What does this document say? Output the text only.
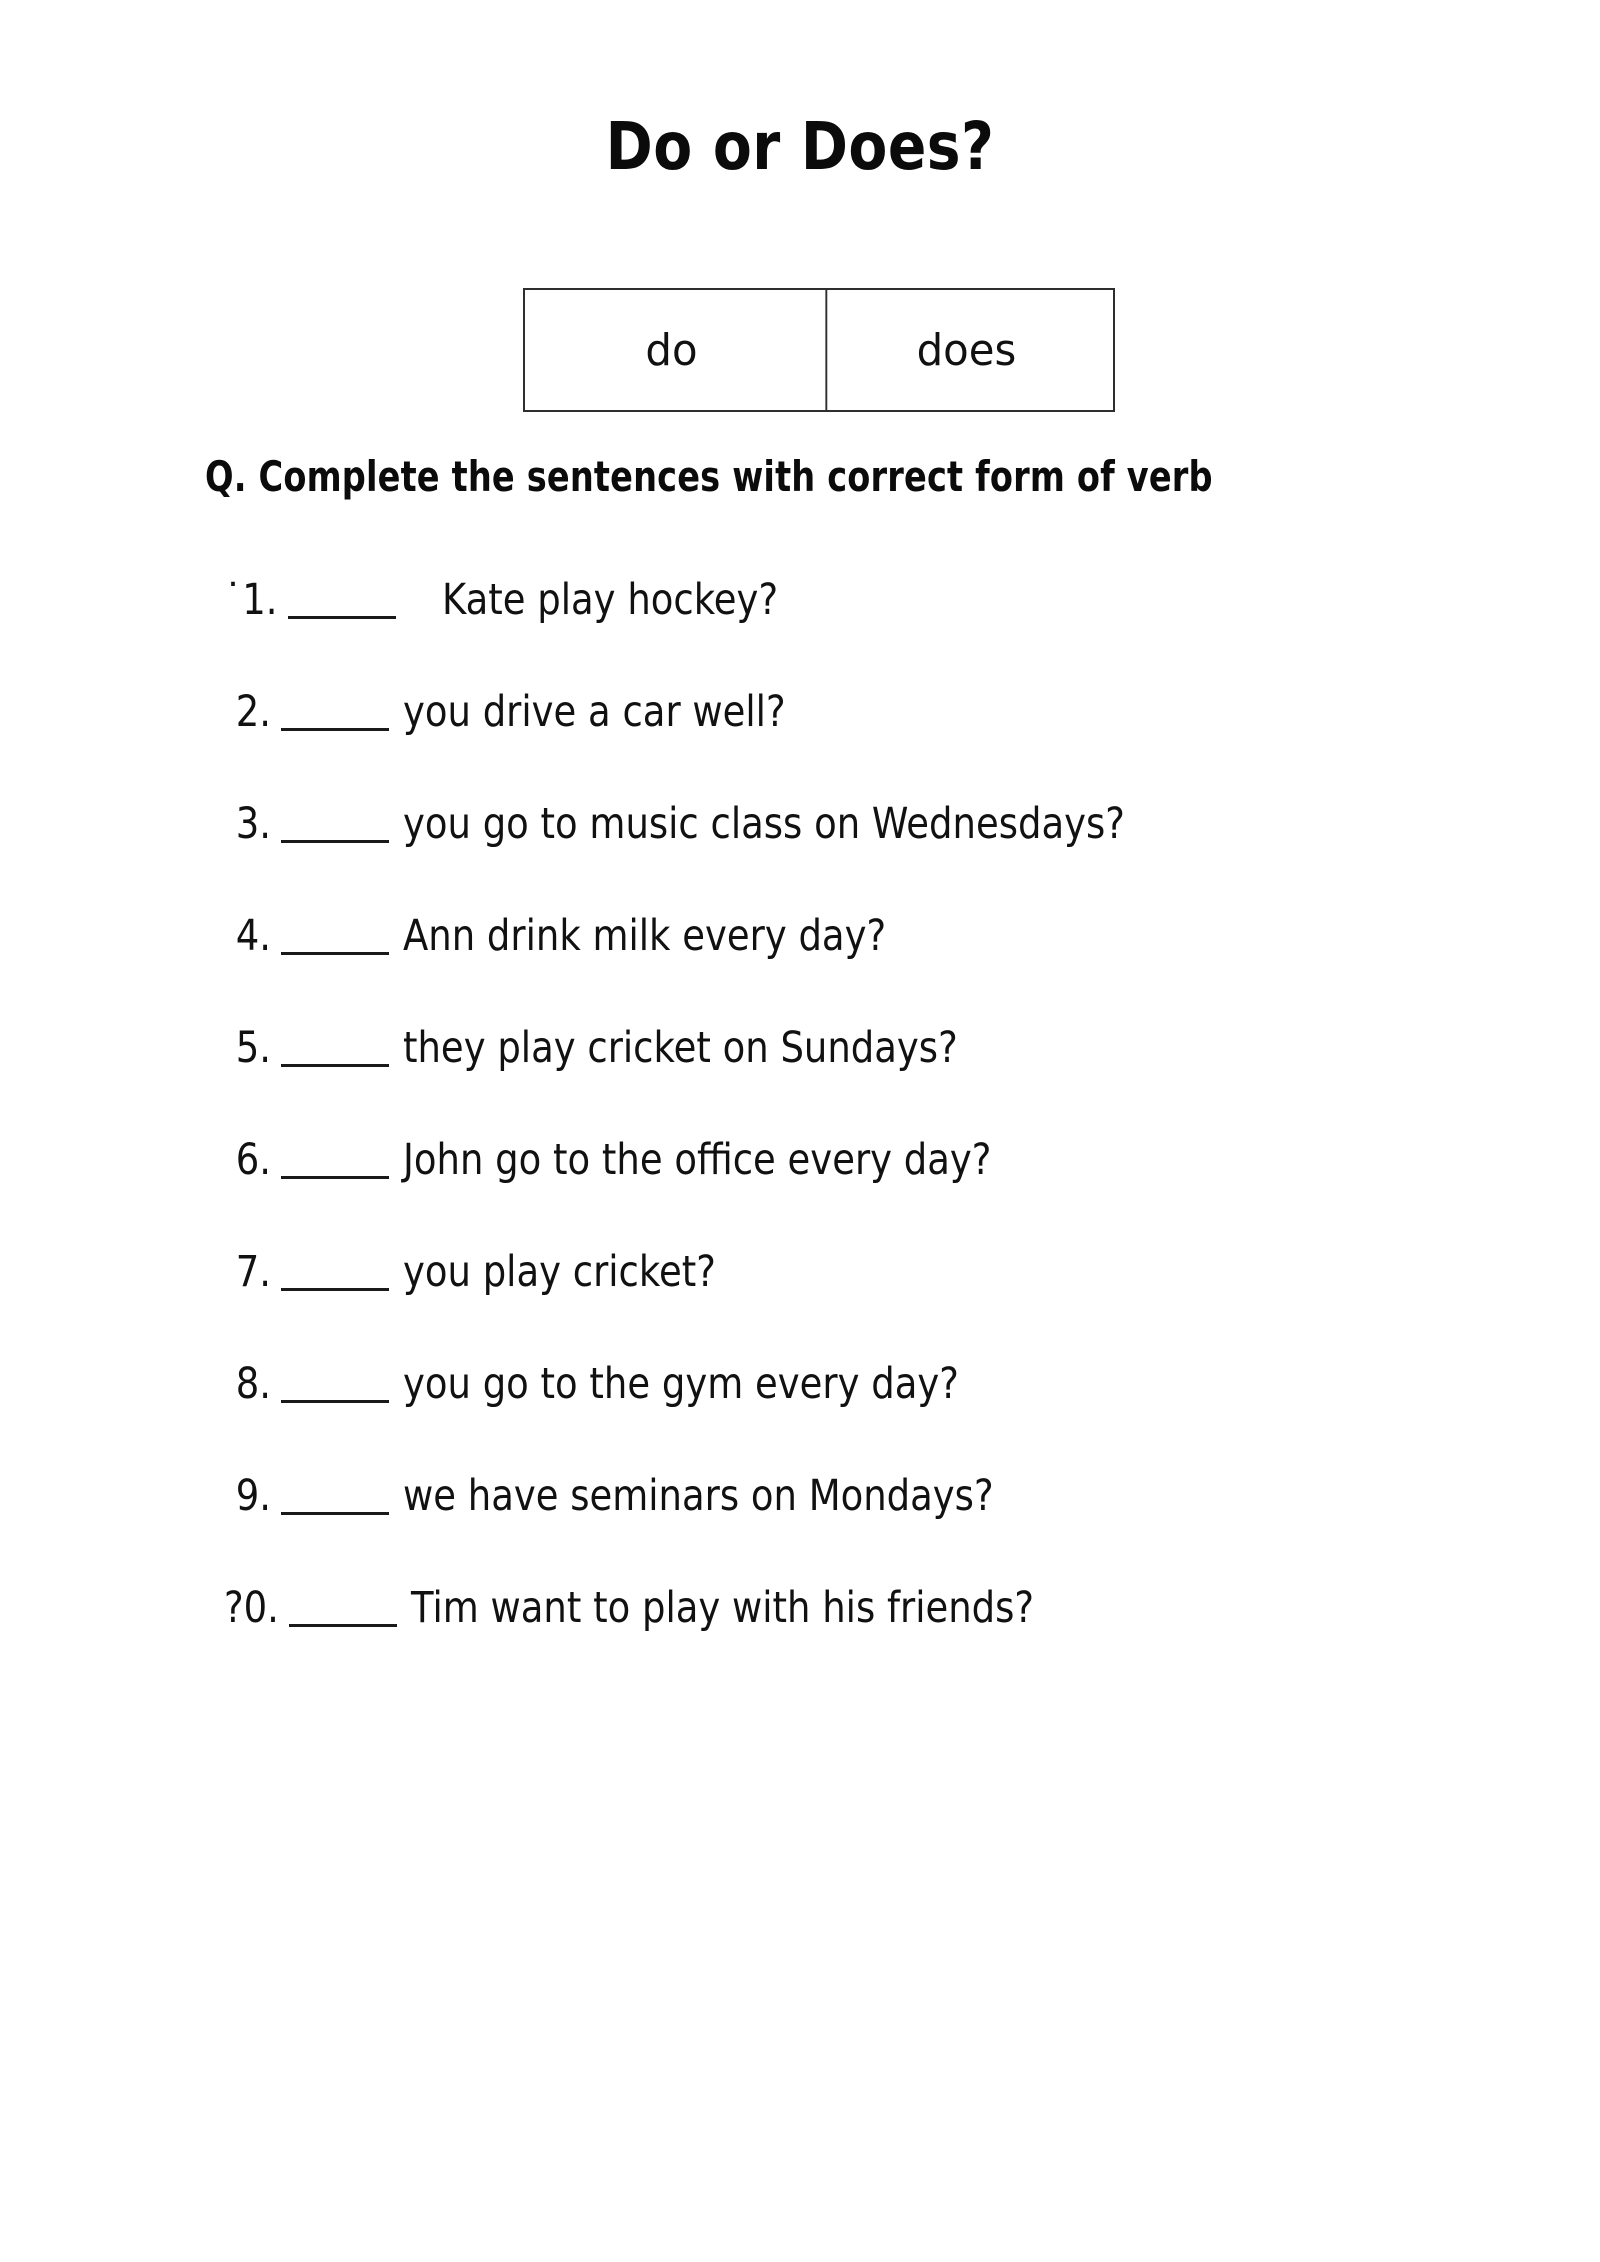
Do or Does?
do	does
Q. Complete the sentences with correct form of verb
˙1.	Kate play hockey?
2.	you drive a car well?
3.	you go to music class on Wednesdays?
4.	Ann drink milk every day?
5.	they play cricket on Sundays?
6.	John go to the office every day?
7.	you play cricket?
8.	you go to the gym every day?
9.	we have seminars on Mondays?
?0.	Tim want to play with his friends?
